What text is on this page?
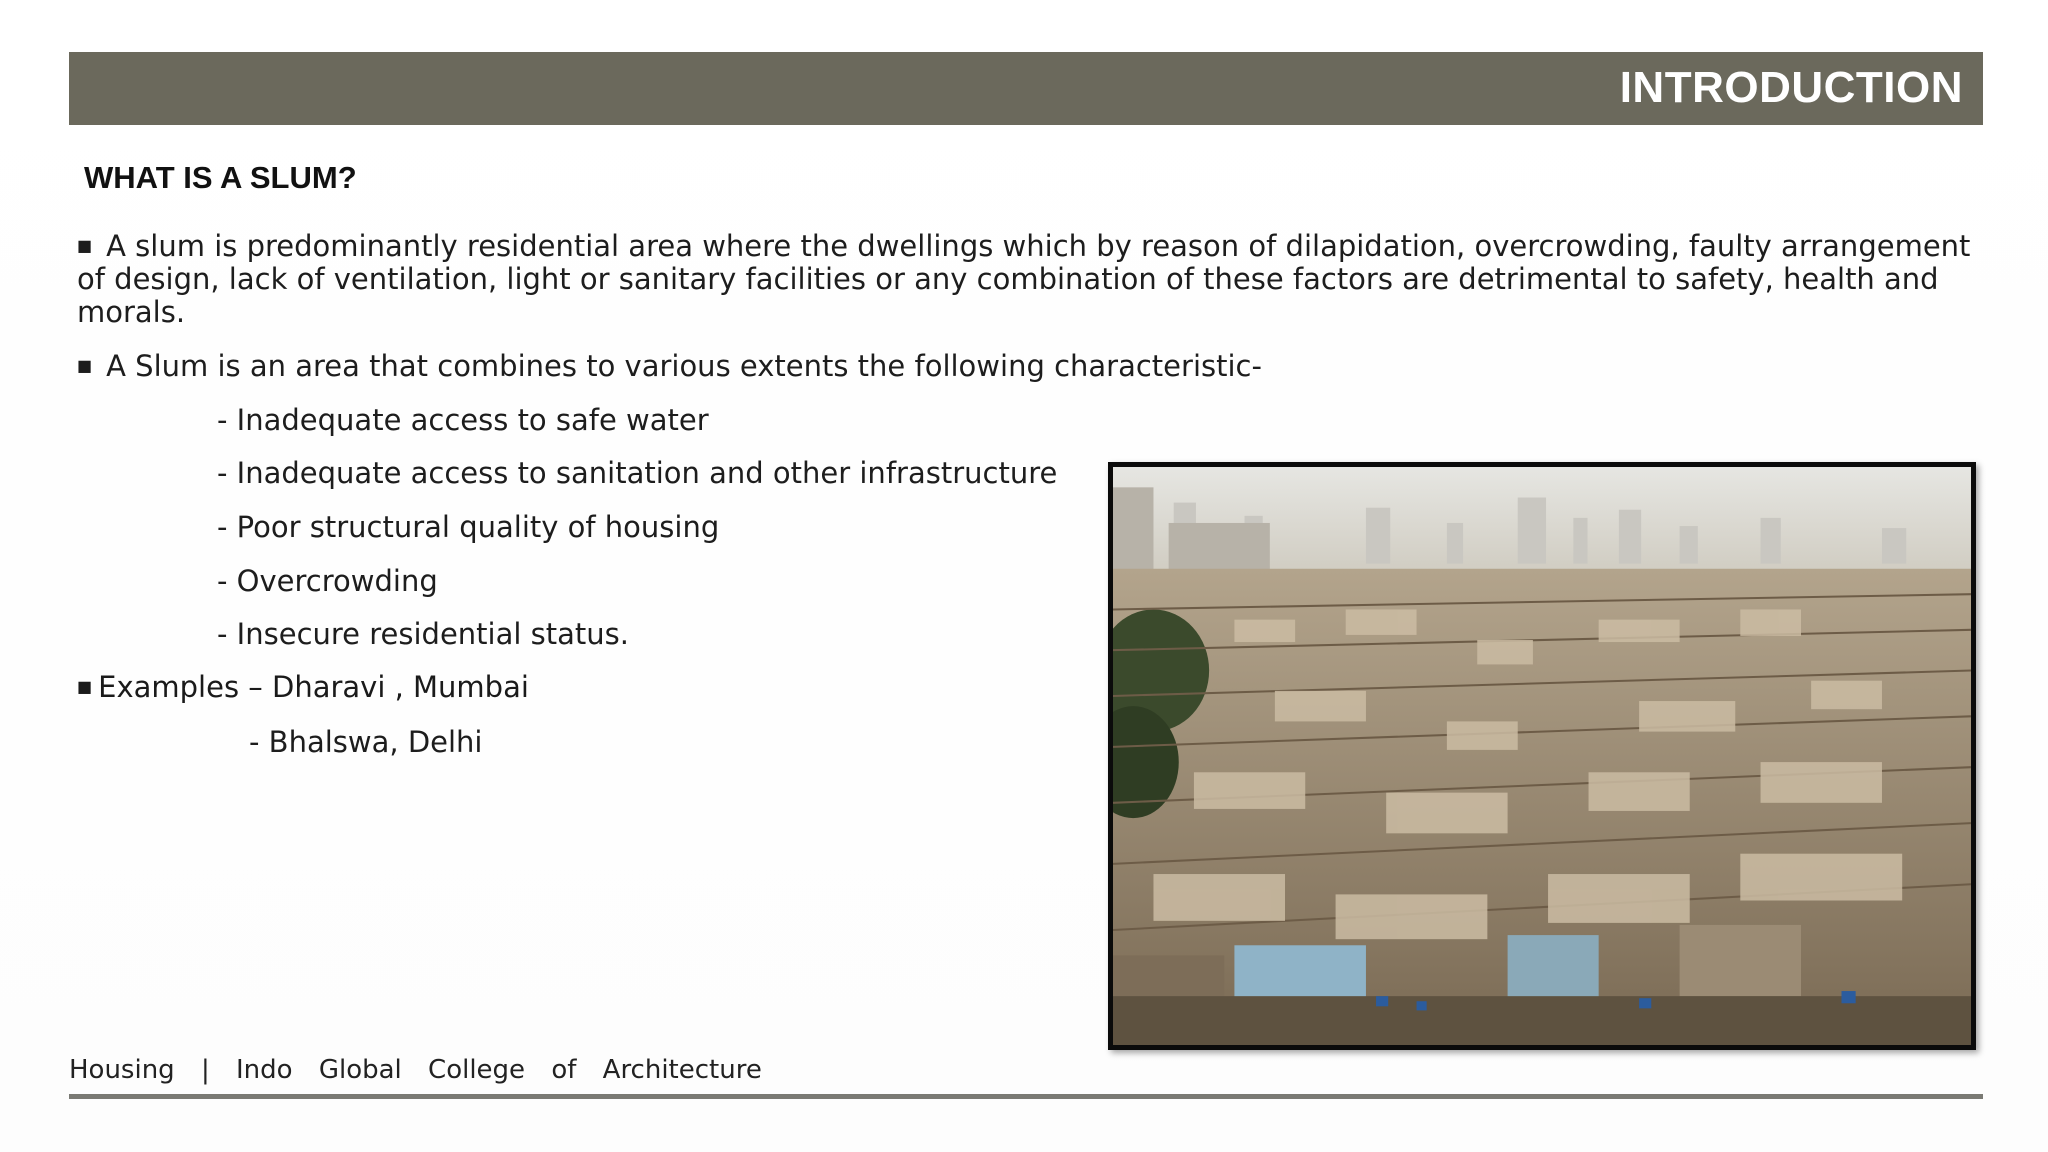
INTRODUCTION
WHAT IS A SLUM?

■ A slum is predominantly residential area where the dwellings which by reason of dilapidation, overcrowding, faulty arrangement of design, lack of ventilation, light or sanitary facilities or any combination of these factors are detrimental to safety, health and morals.

■ A Slum is an area that combines to various extents the following characteristic-

- Inadequate access to safe water
- Inadequate access to sanitation and other infrastructure
- Poor structural quality of housing
- Overcrowding
- Insecure residential status.
■ Examples – Dharavi , Mumbai
- Bhalswa, Delhi
Housing | Indo Global College of Architecture
